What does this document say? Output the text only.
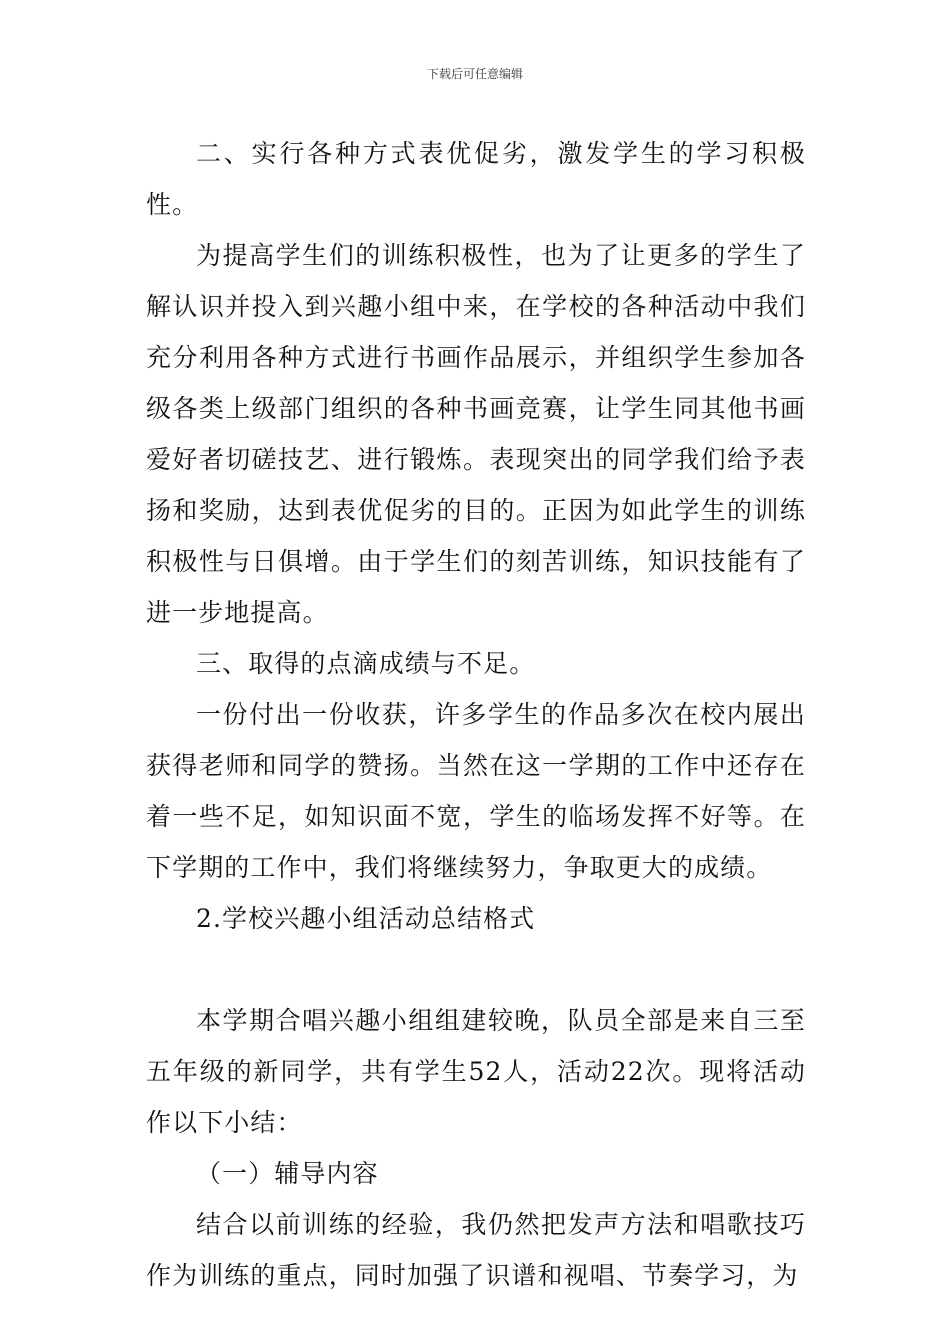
下载后可任意编辑

二、实行各种方式表优促劣，激发学生的学习积极性。

为提高学生们的训练积极性，也为了让更多的学生了解认识并投入到兴趣小组中来，在学校的各种活动中我们充分利用各种方式进行书画作品展示，并组织学生参加各级各类上级部门组织的各种书画竞赛，让学生同其他书画爱好者切磋技艺、进行锻炼。表现突出的同学我们给予表扬和奖励，达到表优促劣的目的。正因为如此学生的训练积极性与日俱增。由于学生们的刻苦训练，知识技能有了进一步地提高。

三、取得的点滴成绩与不足。

一份付出一份收获，许多学生的作品多次在校内展出获得老师和同学的赞扬。当然在这一学期的工作中还存在着一些不足，如知识面不宽，学生的临场发挥不好等。在下学期的工作中，我们将继续努力，争取更大的成绩。

2.学校兴趣小组活动总结格式

本学期合唱兴趣小组组建较晚，队员全部是来自三至五年级的新同学，共有学生52人，活动22次。现将活动作以下小结：

（一）辅导内容

结合以前训练的经验，我仍然把发声方法和唱歌技巧作为训练的重点，同时加强了识谱和视唱、节奏学习，为
